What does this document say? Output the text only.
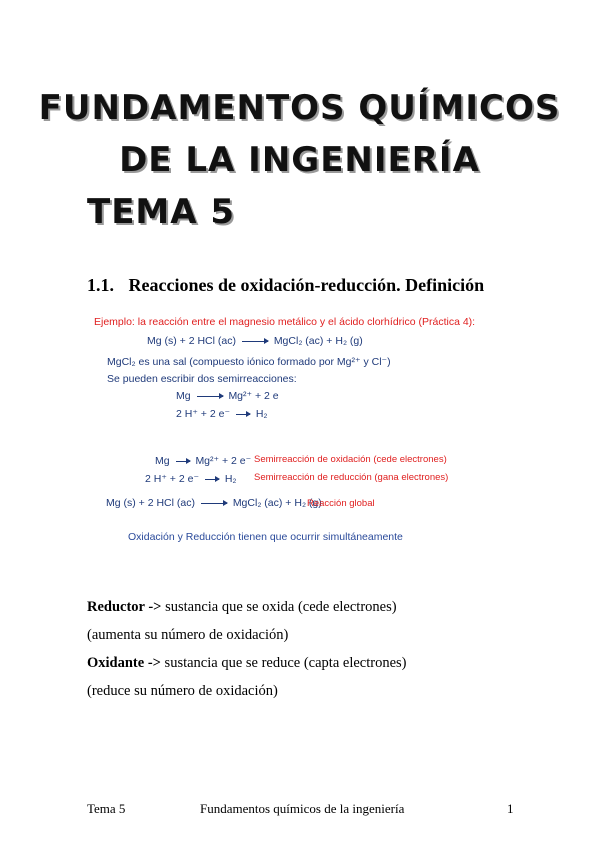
FUNDAMENTOS QUÍMICOS
DE LA INGENIERÍA
TEMA 5
1.1. Reacciones de oxidación-reducción. Definición
Ejemplo: la reacción entre el magnesio metálico y el ácido clorhídrico (Práctica 4):
Mg (s) + 2 HCl (ac)	MgCl₂ (ac) + H₂ (g)
MgCl₂ es una sal (compuesto iónico formado por Mg²⁺ y Cl⁻)
Se pueden escribir dos semirreacciones:
Mg	Mg²⁺ + 2 e
2 H⁺ + 2 e⁻ H₂
Mg Mg²⁺ + 2 e⁻ Semirreacción de oxidación (cede electrones)
2 H⁺ + 2 e⁻ H₂ Semirreacción de reducción (gana electrones)
Mg (s) + 2 HCl (ac)	MgCl₂ (ac) + H₂ (g)
Reacción global
Oxidación y Reducción tienen que ocurrir simultáneamente
Reductor -> sustancia que se oxida (cede electrones)
(aumenta su número de oxidación)
Oxidante -> sustancia que se reduce (capta electrones)
(reduce su número de oxidación)
Tema 5	Fundamentos químicos de la ingeniería	1
